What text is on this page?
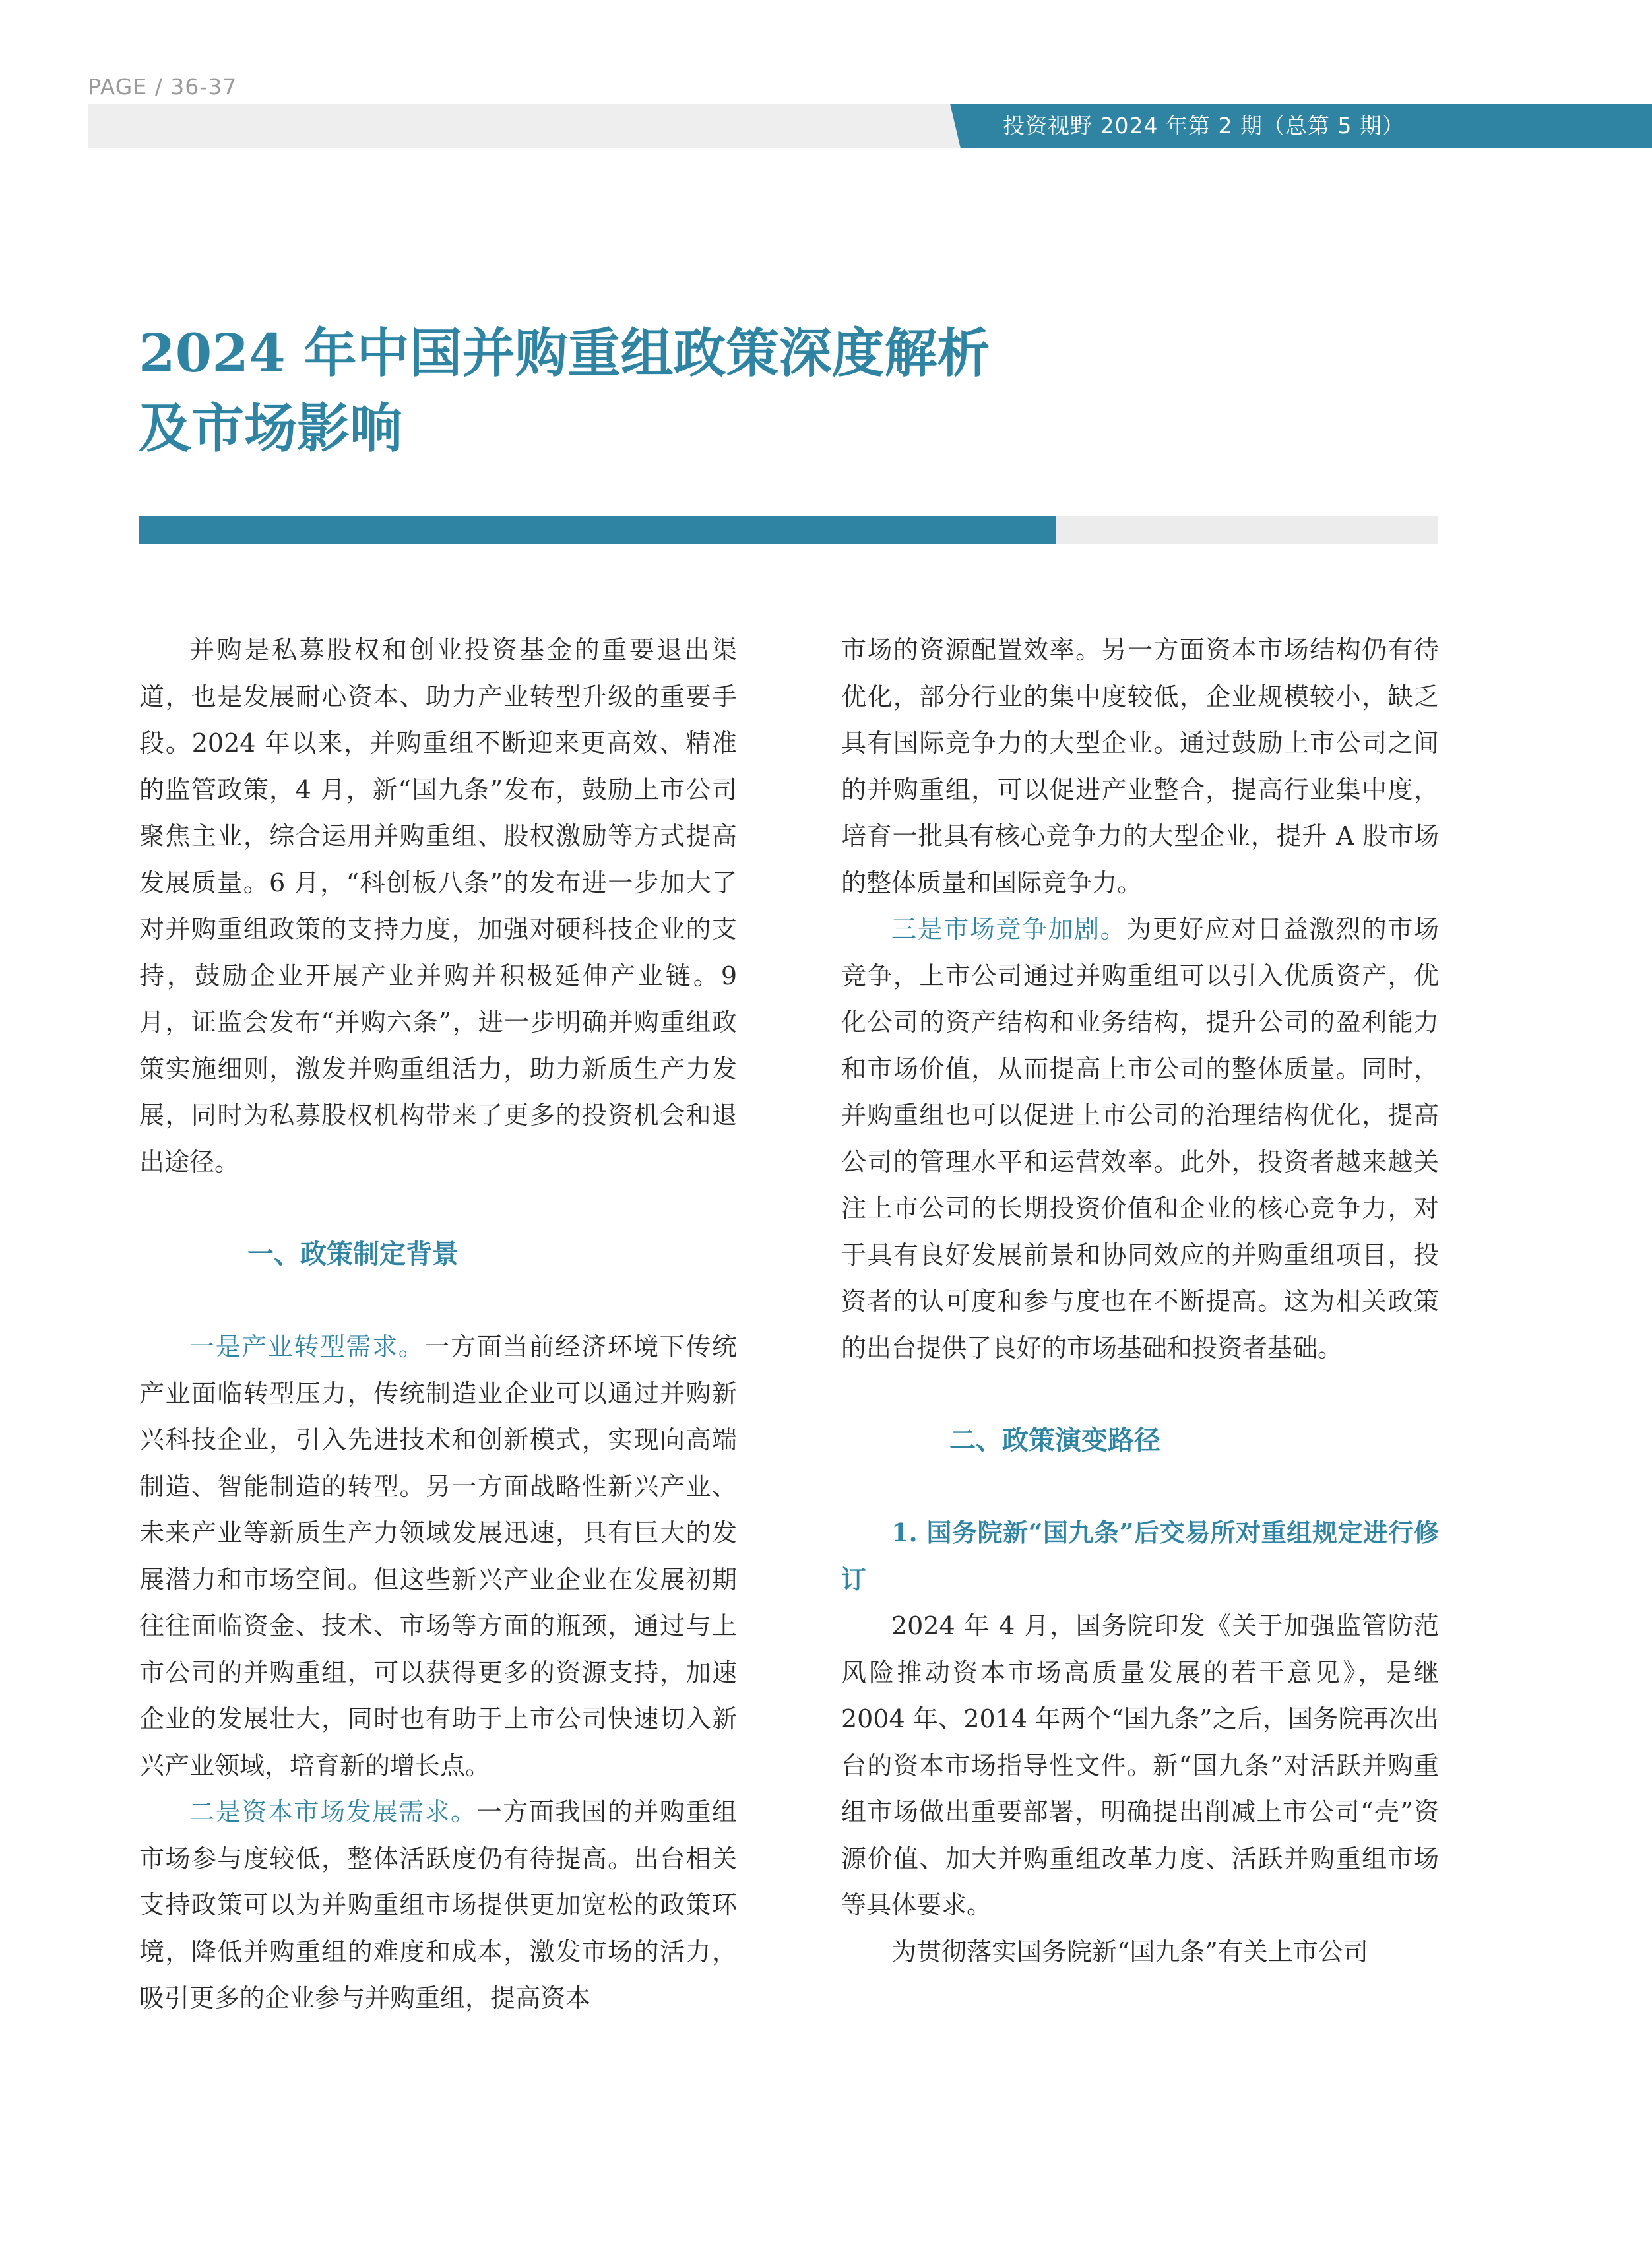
PAGE / 36-37
投资视野 2024 年第 2 期（总第 5 期）
2024 年中国并购重组政策深度解析
及市场影响

并购是私募股权和创业投资基金的重要退出渠道，也是发展耐心资本、助力产业转型升级的重要手段。2024 年以来，并购重组不断迎来更高效、精准的监管政策，4 月，新“国九条”发布，鼓励上市公司聚焦主业，综合运用并购重组、股权激励等方式提高发展质量。6 月，“科创板八条”的发布进一步加大了对并购重组政策的支持力度，加强对硬科技企业的支持，鼓励企业开展产业并购并积极延伸产业链。9 月，证监会发布“并购六条”，进一步明确并购重组政策实施细则，激发并购重组活力，助力新质生产力发展，同时为私募股权机构带来了更多的投资机会和退出途径。

一、政策制定背景

一是产业转型需求。一方面当前经济环境下传统产业面临转型压力，传统制造业企业可以通过并购新兴科技企业，引入先进技术和创新模式，实现向高端制造、智能制造的转型。另一方面战略性新兴产业、未来产业等新质生产力领域发展迅速，具有巨大的发展潜力和市场空间。但这些新兴产业企业在发展初期往往面临资金、技术、市场等方面的瓶颈，通过与上市公司的并购重组，可以获得更多的资源支持，加速企业的发展壮大，同时也有助于上市公司快速切入新兴产业领域，培育新的增长点。

二是资本市场发展需求。一方面我国的并购重组市场参与度较低，整体活跃度仍有待提高。出台相关支持政策可以为并购重组市场提供更加宽松的政策环境，降低并购重组的难度和成本，激发市场的活力，吸引更多的企业参与并购重组，提高资本

市场的资源配置效率。另一方面资本市场结构仍有待优化，部分行业的集中度较低，企业规模较小，缺乏具有国际竞争力的大型企业。通过鼓励上市公司之间的并购重组，可以促进产业整合，提高行业集中度，培育一批具有核心竞争力的大型企业，提升 A 股市场的整体质量和国际竞争力。

三是市场竞争加剧。为更好应对日益激烈的市场竞争，上市公司通过并购重组可以引入优质资产，优化公司的资产结构和业务结构，提升公司的盈利能力和市场价值，从而提高上市公司的整体质量。同时，并购重组也可以促进上市公司的治理结构优化，提高公司的管理水平和运营效率。此外，投资者越来越关注上市公司的长期投资价值和企业的核心竞争力，对于具有良好发展前景和协同效应的并购重组项目，投资者的认可度和参与度也在不断提高。这为相关政策的出台提供了良好的市场基础和投资者基础。

二、政策演变路径

1. 国务院新“国九条”后交易所对重组规定进行修订

2024 年 4 月，国务院印发《关于加强监管防范风险推动资本市场高质量发展的若干意见》，是继 2004 年、2014 年两个“国九条”之后，国务院再次出台的资本市场指导性文件。新“国九条”对活跃并购重组市场做出重要部署，明确提出削减上市公司“壳”资源价值、加大并购重组改革力度、活跃并购重组市场等具体要求。

为贯彻落实国务院新“国九条”有关上市公司
